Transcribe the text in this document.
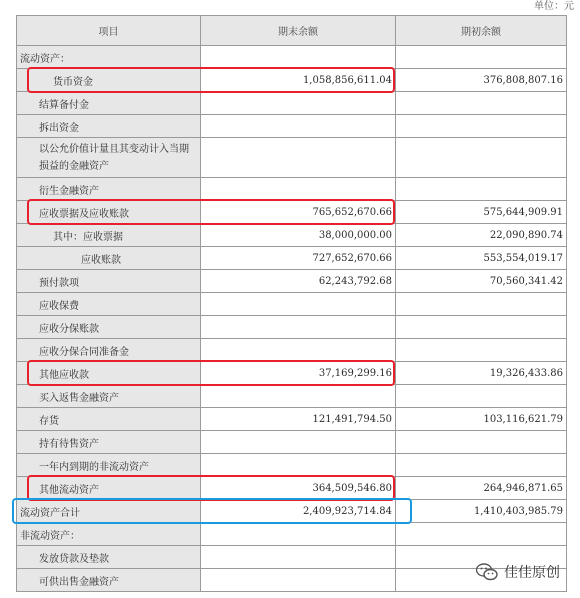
单位：元
项目	期末余额	期初余额
流动资产：		
货币资金	1,058,856,611.04	376,808,807.16
结算备付金		
拆出资金		
以公允价值计量且其变动计入当期损益的金融资产		
衍生金融资产		
应收票据及应收账款	765,652,670.66	575,644,909.91
其中：应收票据	38,000,000.00	22,090,890.74
应收账款	727,652,670.66	553,554,019.17
预付款项	62,243,792.68	70,560,341.42
应收保费		
应收分保账款		
应收分保合同准备金		
其他应收款	37,169,299.16	19,326,433.86
买入返售金融资产		
存货	121,491,794.50	103,116,621.79
持有待售资产		
一年内到期的非流动资产		
其他流动资产	364,509,546.80	264,946,871.65
流动资产合计	2,409,923,714.84	1,410,403,985.79
非流动资产：		
发放贷款及垫款		
可供出售金融资产		
佳佳原创
